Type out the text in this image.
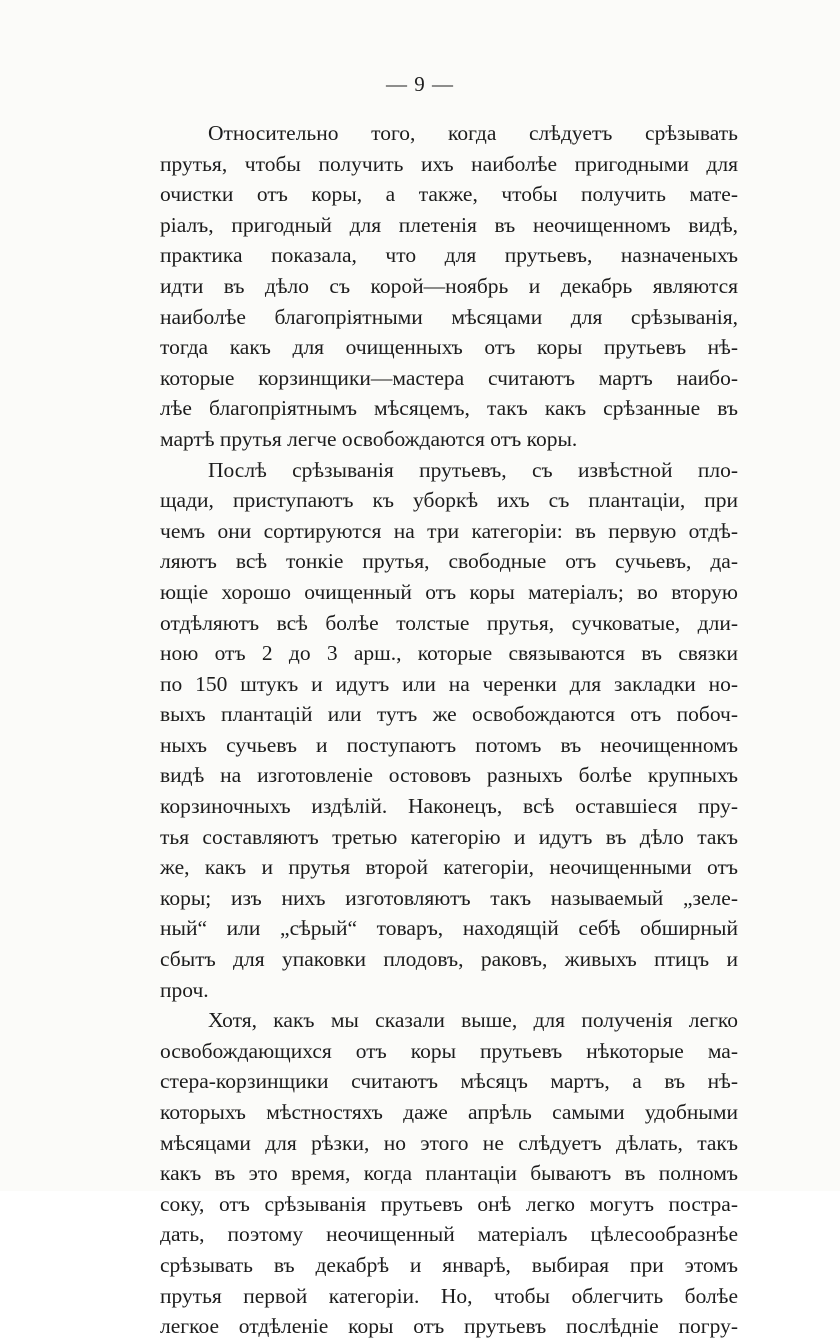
— 9 —
Относительно того, когда слѣдуетъ срѣзывать
прутья, чтобы получить ихъ наиболѣе пригодными для
очистки отъ коры, а также, чтобы получить мате-
ріалъ, пригодный для плетенія въ неочищенномъ видѣ,
практика показала, что для прутьевъ, назначеныхъ
идти въ дѣло съ корой—ноябрь и декабрь являются
наиболѣе благопріятными мѣсяцами для срѣзыванія,
тогда какъ для очищенныхъ отъ коры прутьевъ нѣ-
которые корзинщики—мастера считаютъ мартъ наибо-
лѣе благопріятнымъ мѣсяцемъ, такъ какъ срѣзанные въ
мартѣ прутья легче освобождаются отъ коры.
Послѣ срѣзыванія прутьевъ, съ извѣстной пло-
щади, приступаютъ къ уборкѣ ихъ съ плантаціи, при
чемъ они сортируются на три категоріи: въ первую отдѣ-
ляютъ всѣ тонкіе прутья, свободные отъ сучьевъ, да-
ющіе хорошо очищенный отъ коры матеріалъ; во вторую
отдѣляютъ всѣ болѣе толстые прутья, сучковатые, дли-
ною отъ 2 до 3 арш., которые связываются въ связки
по 150 штукъ и идутъ или на черенки для закладки но-
выхъ плантацій или тутъ же освобождаются отъ побоч-
ныхъ сучьевъ и поступаютъ потомъ въ неочищенномъ
видѣ на изготовленіе остововъ разныхъ болѣе крупныхъ
корзиночныхъ издѣлій. Наконецъ, всѣ оставшіеся пру-
тья составляютъ третью категорію и идутъ въ дѣло такъ
же, какъ и прутья второй категоріи, неочищенными отъ
коры; изъ нихъ изготовляютъ такъ называемый „зеле-
ный“ или „сѣрый“ товаръ, находящій себѣ обширный
сбытъ для упаковки плодовъ, раковъ, живыхъ птицъ и
проч.
Хотя, какъ мы сказали выше, для полученія легко
освобождающихся отъ коры прутьевъ нѣкоторые ма-
стера-корзинщики считаютъ мѣсяцъ мартъ, а въ нѣ-
которыхъ мѣстностяхъ даже апрѣль самыми удобными
мѣсяцами для рѣзки, но этого не слѣдуетъ дѣлать, такъ
какъ въ это время, когда плантаціи бываютъ въ полномъ
соку, отъ срѣзыванія прутьевъ онѣ легко могутъ постра-
дать, поэтому неочищенный матеріалъ цѣлесообразнѣе
срѣзывать въ декабрѣ и январѣ, выбирая при этомъ
прутья первой категоріи. Но, чтобы облегчить болѣе
легкое отдѣленіе коры отъ прутьевъ послѣдніе погру-
